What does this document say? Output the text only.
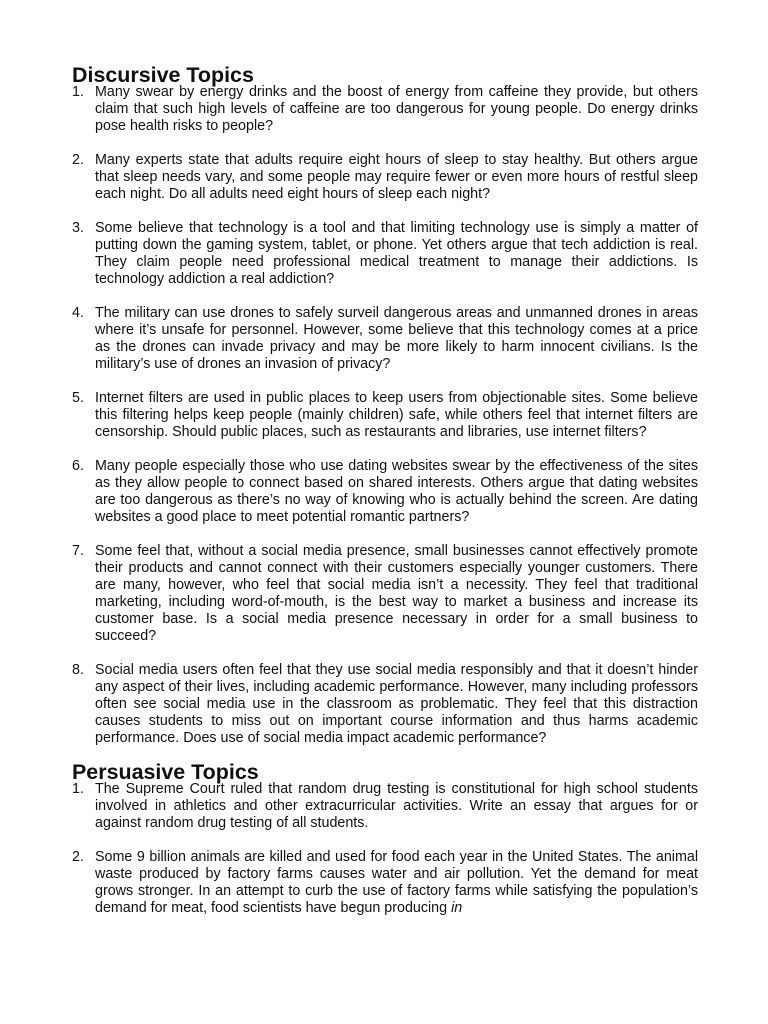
Discursive Topics
1. Many swear by energy drinks and the boost of energy from caffeine they provide, but others claim that such high levels of caffeine are too dangerous for young people. Do energy drinks pose health risks to people?
2. Many experts state that adults require eight hours of sleep to stay healthy. But others argue that sleep needs vary, and some people may require fewer or even more hours of restful sleep each night. Do all adults need eight hours of sleep each night?
3. Some believe that technology is a tool and that limiting technology use is simply a matter of putting down the gaming system, tablet, or phone. Yet others argue that tech addiction is real. They claim people need professional medical treatment to manage their addictions. Is technology addiction a real addiction?
4. The military can use drones to safely surveil dangerous areas and unmanned drones in areas where it’s unsafe for personnel. However, some believe that this technology comes at a price as the drones can invade privacy and may be more likely to harm innocent civilians. Is the military’s use of drones an invasion of privacy?
5. Internet filters are used in public places to keep users from objectionable sites. Some believe this filtering helps keep people (mainly children) safe, while others feel that internet filters are censorship. Should public places, such as restaurants and libraries, use internet filters?
6. Many people especially those who use dating websites swear by the effectiveness of the sites as they allow people to connect based on shared interests. Others argue that dating websites are too dangerous as there’s no way of knowing who is actually behind the screen. Are dating websites a good place to meet potential romantic partners?
7. Some feel that, without a social media presence, small businesses cannot effectively promote their products and cannot connect with their customers especially younger customers. There are many, however, who feel that social media isn’t a necessity. They feel that traditional marketing, including word-of-mouth, is the best way to market a business and increase its customer base. Is a social media presence necessary in order for a small business to succeed?
8. Social media users often feel that they use social media responsibly and that it doesn’t hinder any aspect of their lives, including academic performance. However, many including professors often see social media use in the classroom as problematic. They feel that this distraction causes students to miss out on important course information and thus harms academic performance. Does use of social media impact academic performance?
Persuasive Topics
1. The Supreme Court ruled that random drug testing is constitutional for high school students involved in athletics and other extracurricular activities. Write an essay that argues for or against random drug testing of all students.
2. Some 9 billion animals are killed and used for food each year in the United States. The animal waste produced by factory farms causes water and air pollution. Yet the demand for meat grows stronger. In an attempt to curb the use of factory farms while satisfying the population’s demand for meat, food scientists have begun producing in
